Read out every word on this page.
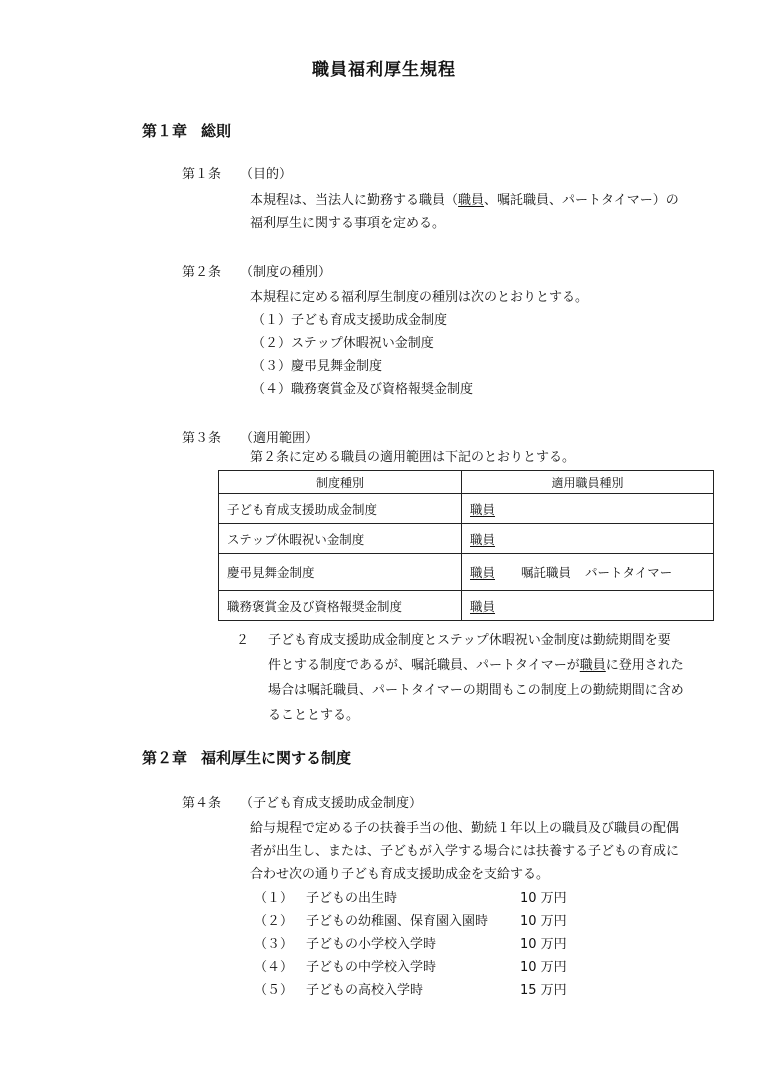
職員福利厚生規程
第１章 総則
第１条 （目的）
本規程は、当法人に勤務する職員（職員、嘱託職員、パートタイマー）の
福利厚生に関する事項を定める。
第２条 （制度の種別）
本規程に定める福利厚生制度の種別は次のとおりとする。
（１）子ども育成支援助成金制度
（２）ステップ休暇祝い金制度
（３）慶弔見舞金制度
（４）職務褒賞金及び資格報奨金制度
第３条 （適用範囲）
第２条に定める職員の適用範囲は下記のとおりとする。
制度種別	適用職員種別
子ども育成支援助成金制度	職員
ステップ休暇祝い金制度	職員
慶弔見舞金制度	職員 嘱託職員 パートタイマー
職務褒賞金及び資格報奨金制度	職員
２ 子ども育成支援助成金制度とステップ休暇祝い金制度は勤続期間を要
件とする制度であるが、嘱託職員、パートタイマーが職員に登用された
場合は嘱託職員、パートタイマーの期間もこの制度上の勤続期間に含め
ることとする。
第２章 福利厚生に関する制度
第４条 （子ども育成支援助成金制度）
給与規程で定める子の扶養手当の他、勤続１年以上の職員及び職員の配偶
者が出生し、または、子どもが入学する場合には扶養する子どもの育成に
合わせ次の通り子ども育成支援助成金を支給する。
（１） 子どもの出生時	10 万円
（２） 子どもの幼稚園、保育園入園時 10 万円
（３） 子どもの小学校入学時	10 万円
（４） 子どもの中学校入学時	10 万円
（５） 子どもの高校入学時	15 万円
